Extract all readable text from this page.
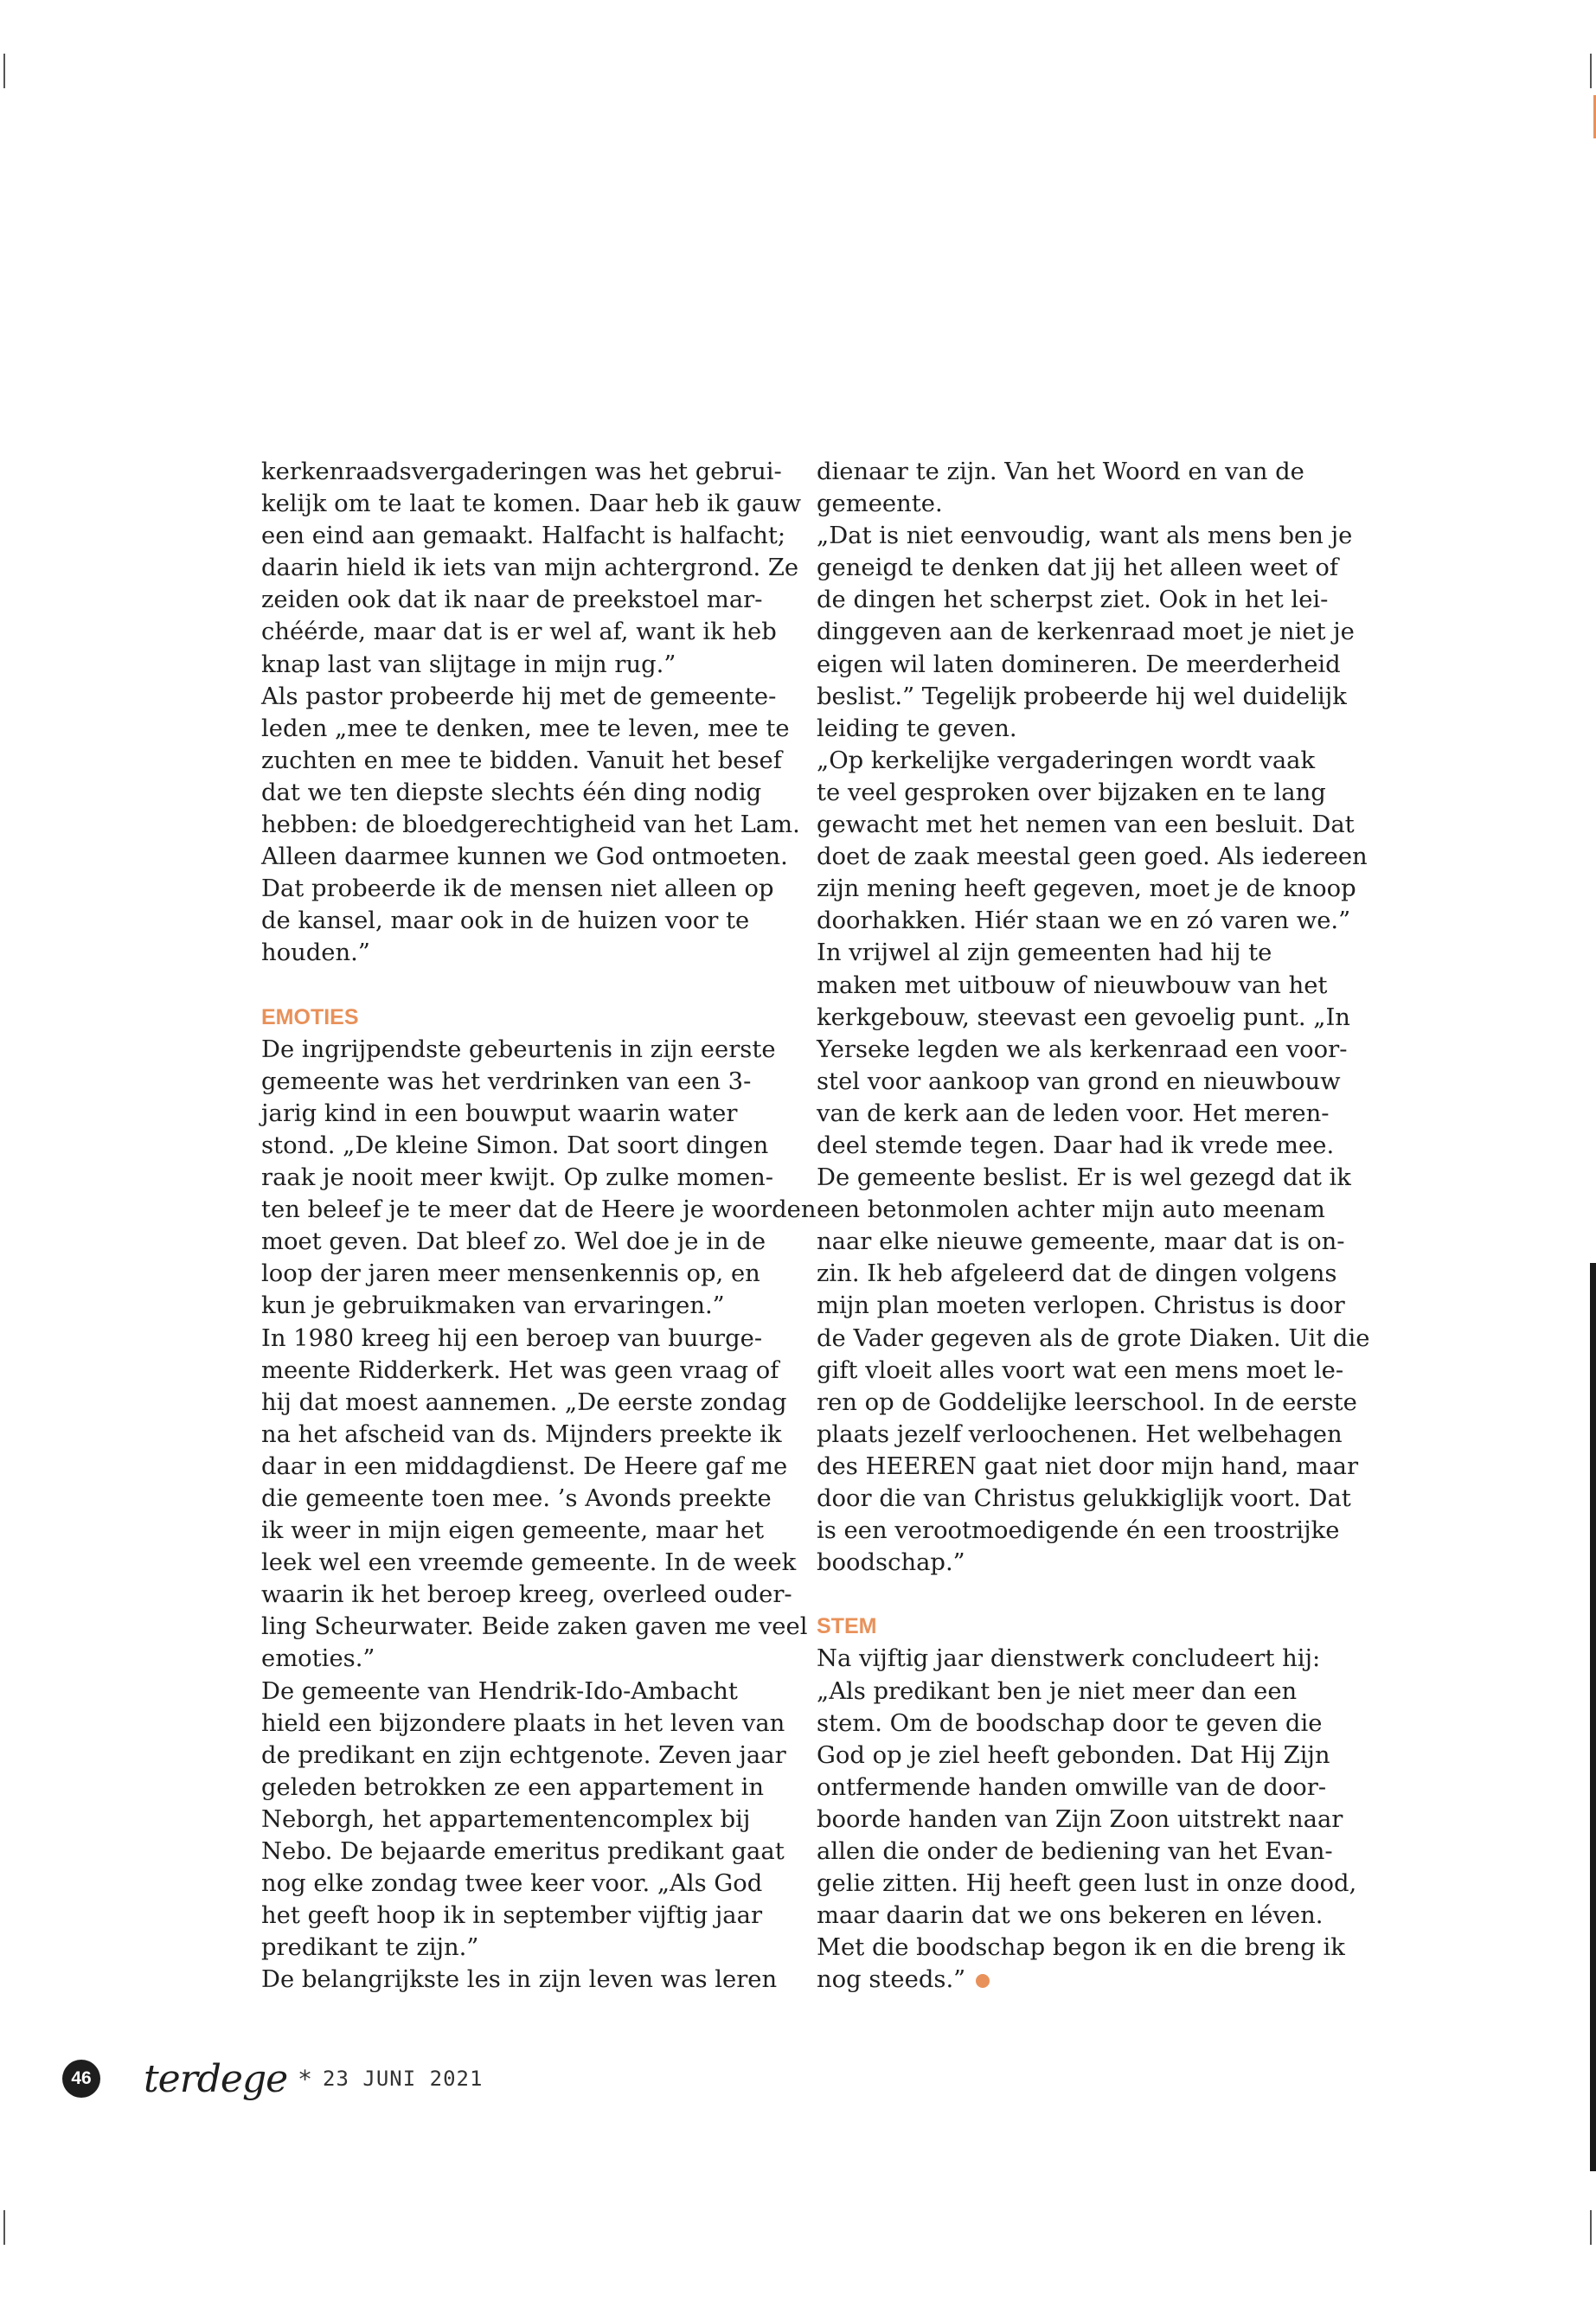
kerkenraadsvergaderingen was het gebrui-
kelijk om te laat te komen. Daar heb ik gauw
een eind aan gemaakt. Halfacht is halfacht;
daarin hield ik iets van mijn achtergrond. Ze
zeiden ook dat ik naar de preekstoel mar-
chéérde, maar dat is er wel af, want ik heb
knap last van slijtage in mijn rug.”
Als pastor probeerde hij met de gemeente-
leden „mee te denken, mee te leven, mee te
zuchten en mee te bidden. Vanuit het besef
dat we ten diepste slechts één ding nodig
hebben: de bloedgerechtigheid van het Lam.
Alleen daarmee kunnen we God ontmoeten.
Dat probeerde ik de mensen niet alleen op
de kansel, maar ook in de huizen voor te
houden.”
EMOTIES
De ingrijpendste gebeurtenis in zijn eerste
gemeente was het verdrinken van een 3-
jarig kind in een bouwput waarin water
stond. „De kleine Simon. Dat soort dingen
raak je nooit meer kwijt. Op zulke momen-
ten beleef je te meer dat de Heere je woorden
moet geven. Dat bleef zo. Wel doe je in de
loop der jaren meer mensenkennis op, en
kun je gebruikmaken van ervaringen.”
In 1980 kreeg hij een beroep van buurge-
meente Ridderkerk. Het was geen vraag of
hij dat moest aannemen. „De eerste zondag
na het afscheid van ds. Mijnders preekte ik
daar in een middagdienst. De Heere gaf me
die gemeente toen mee. ’s Avonds preekte
ik weer in mijn eigen gemeente, maar het
leek wel een vreemde gemeente. In de week
waarin ik het beroep kreeg, overleed ouder-
ling Scheurwater. Beide zaken gaven me veel
emoties.”
De gemeente van Hendrik-Ido-Ambacht
hield een bijzondere plaats in het leven van
de predikant en zijn echtgenote. Zeven jaar
geleden betrokken ze een appartement in
Neborgh, het appartementencomplex bij
Nebo. De bejaarde emeritus predikant gaat
nog elke zondag twee keer voor. „Als God
het geeft hoop ik in september vijftig jaar
predikant te zijn.”
De belangrijkste les in zijn leven was leren
dienaar te zijn. Van het Woord en van de
gemeente.
„Dat is niet eenvoudig, want als mens ben je
geneigd te denken dat jij het alleen weet of
de dingen het scherpst ziet. Ook in het lei-
dinggeven aan de kerkenraad moet je niet je
eigen wil laten domineren. De meerderheid
beslist.” Tegelijk probeerde hij wel duidelijk
leiding te geven.
„Op kerkelijke vergaderingen wordt vaak
te veel gesproken over bijzaken en te lang
gewacht met het nemen van een besluit. Dat
doet de zaak meestal geen goed. Als iedereen
zijn mening heeft gegeven, moet je de knoop
doorhakken. Hiér staan we en zó varen we.”
In vrijwel al zijn gemeenten had hij te
maken met uitbouw of nieuwbouw van het
kerkgebouw, steevast een gevoelig punt. „In
Yerseke legden we als kerkenraad een voor-
stel voor aankoop van grond en nieuwbouw
van de kerk aan de leden voor. Het meren-
deel stemde tegen. Daar had ik vrede mee.
De gemeente beslist. Er is wel gezegd dat ik
een betonmolen achter mijn auto meenam
naar elke nieuwe gemeente, maar dat is on-
zin. Ik heb afgeleerd dat de dingen volgens
mijn plan moeten verlopen. Christus is door
de Vader gegeven als de grote Diaken. Uit die
gift vloeit alles voort wat een mens moet le-
ren op de Goddelijke leerschool. In de eerste
plaats jezelf verloochenen. Het welbehagen
des HEEREN gaat niet door mijn hand, maar
door die van Christus gelukkiglijk voort. Dat
is een verootmoedigende én een troostrijke
boodschap.”
STEM
Na vijftig jaar dienstwerk concludeert hij:
„Als predikant ben je niet meer dan een
stem. Om de boodschap door te geven die
God op je ziel heeft gebonden. Dat Hij Zijn
ontfermende handen omwille van de door-
boorde handen van Zijn Zoon uitstrekt naar
allen die onder de bediening van het Evan-
gelie zitten. Hij heeft geen lust in onze dood,
maar daarin dat we ons bekeren en léven.
Met die boodschap begon ik en die breng ik
nog steeds.”
46 terdege * 23 JUNI 2021
